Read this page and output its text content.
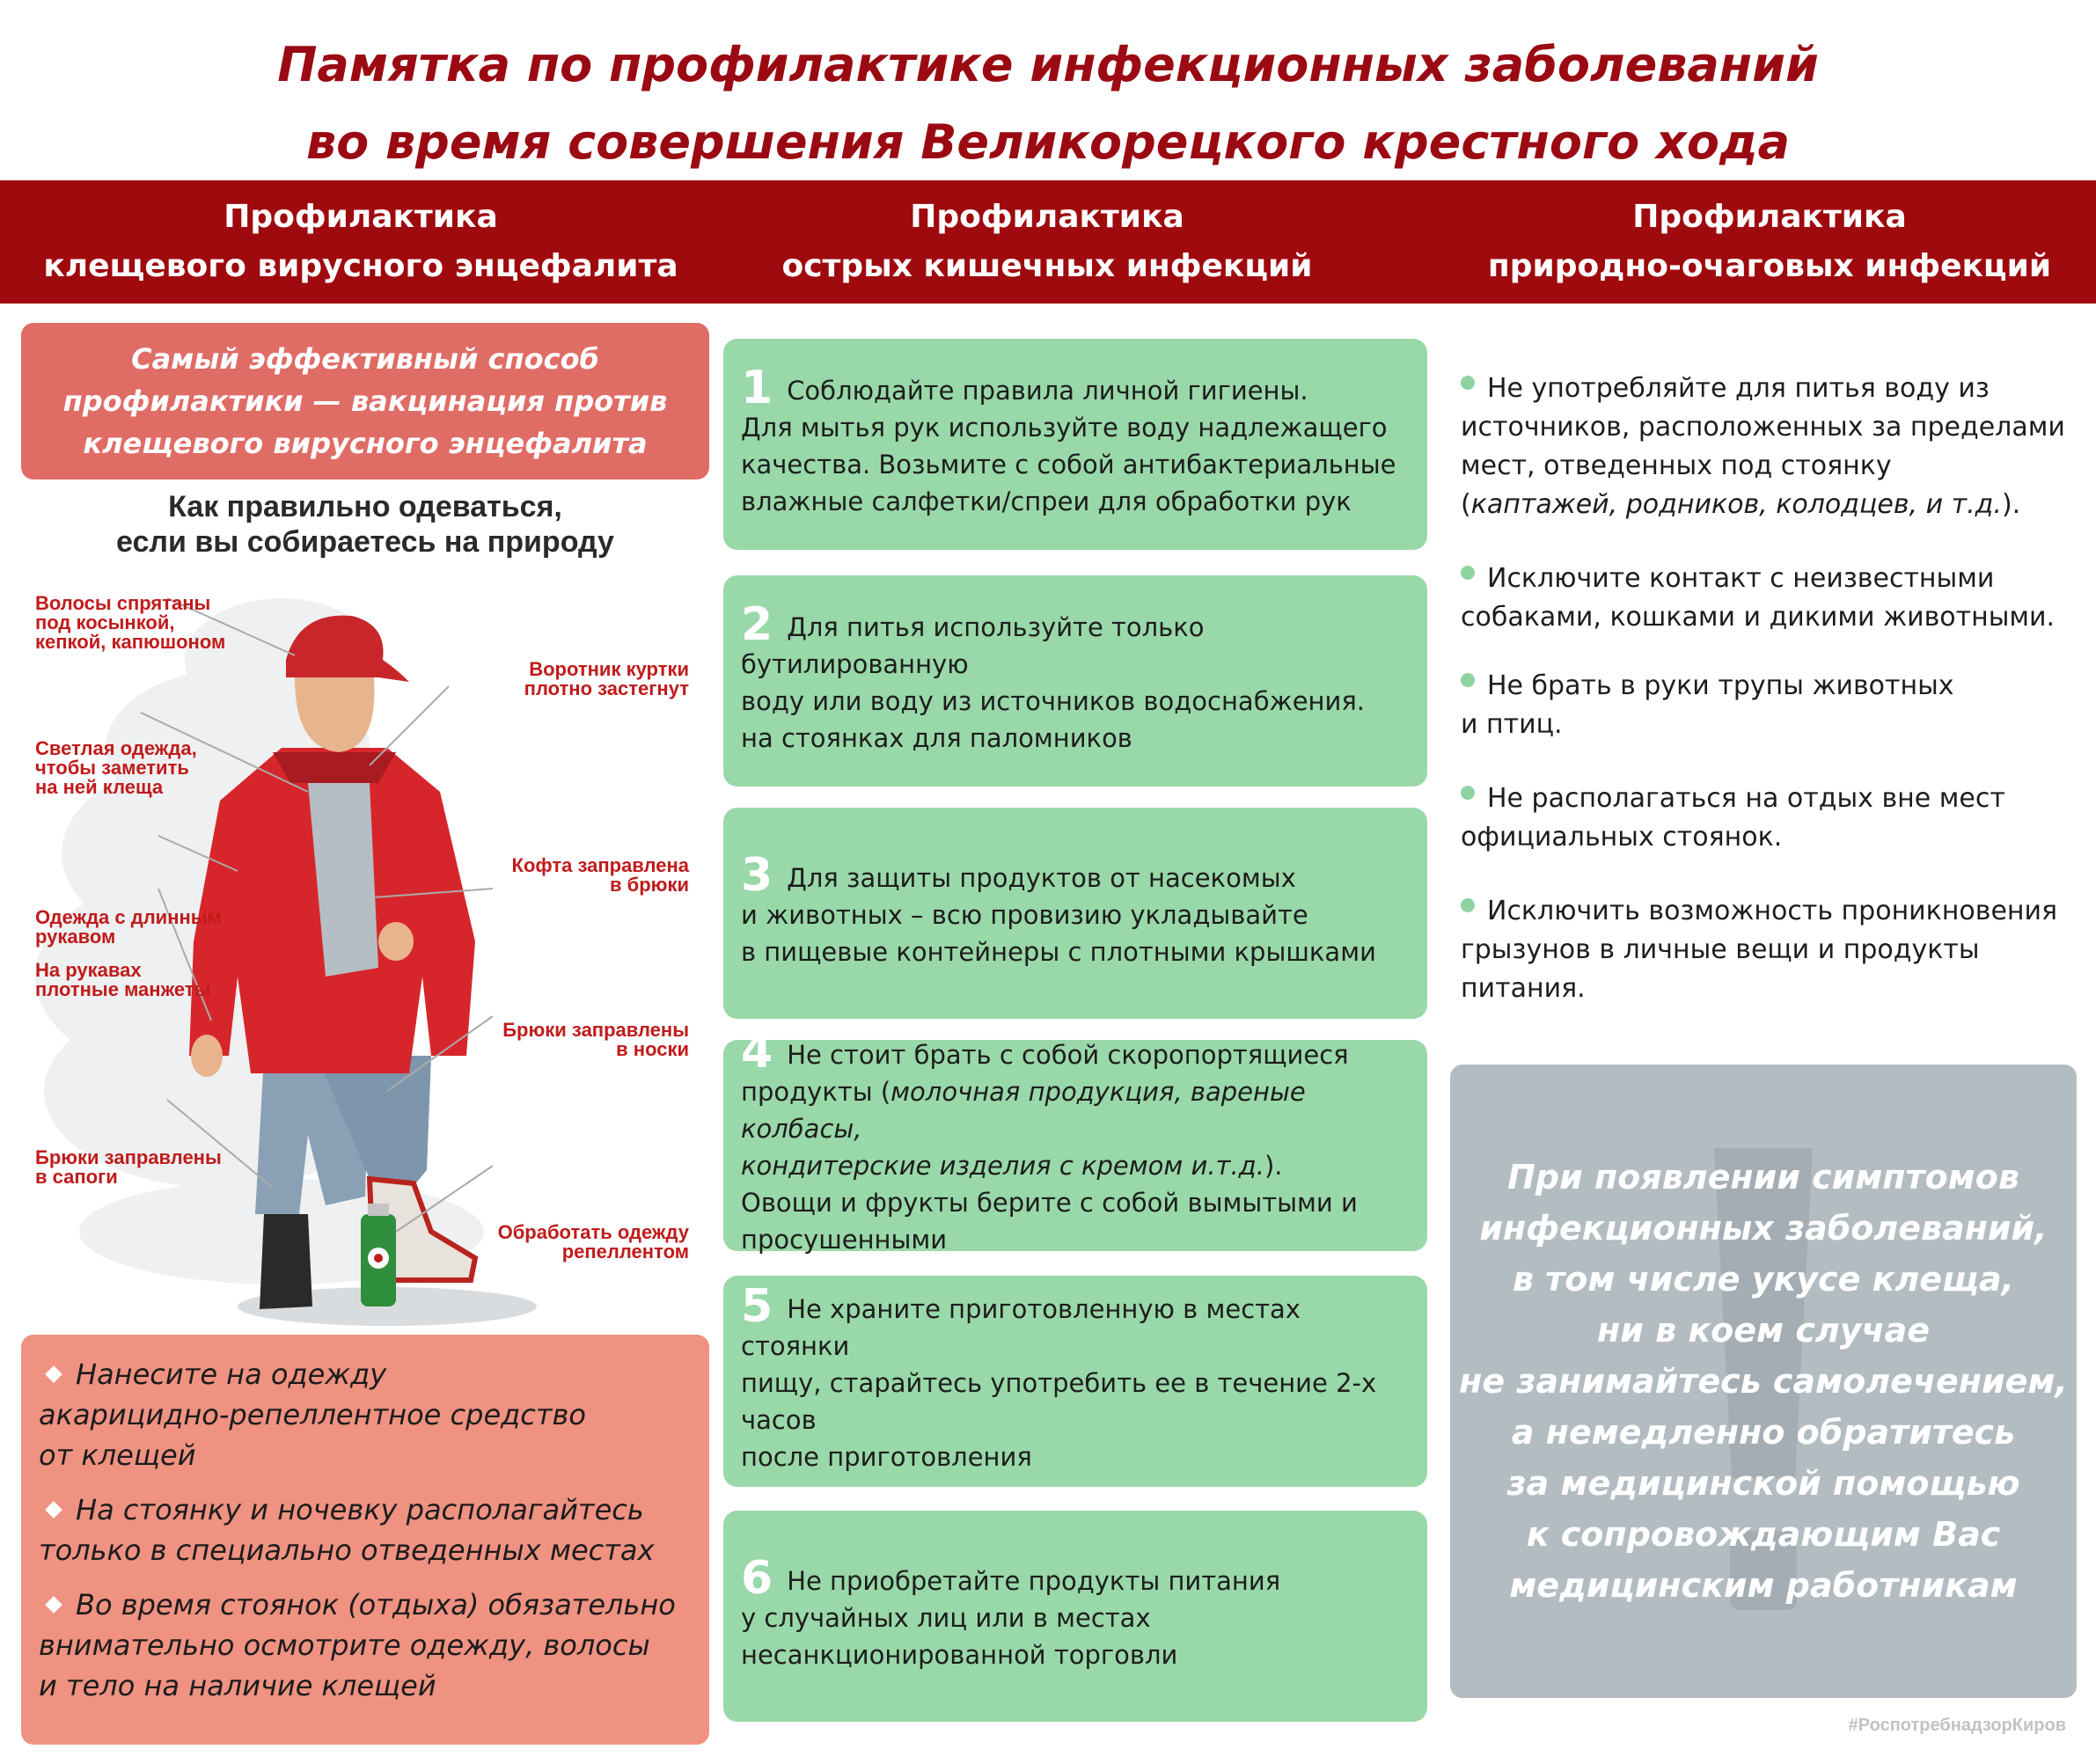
Памятка по профилактике инфекционных заболеваний
во время совершения Великорецкого крестного хода
Профилактика
клещевого вирусного энцефалита
Профилактика
острых кишечных инфекций
Профилактика
природно-очаговых инфекций
Самый эффективный способ
профилактики — вакцинация против
клещевого вирусного энцефалита
Как правильно одеваться,
если вы собираетесь на природу
Волосы спрятаны
под косынкой,
кепкой, капюшоном
Светлая одежда,
чтобы заметить
на ней клеща
Одежда с длинным
рукавом
На рукавах
плотные манжеты
Брюки заправлены
в сапоги
Воротник куртки
плотно застегнут
Кофта заправлена
в брюки
Брюки заправлены
в носки
Обработать одежду
репеллентом
Нанесите на одежду
акарицидно-репеллентное средство
от клещей
На стоянку и ночевку располагайтесь
только в специально отведенных местах
Во время стоянок (отдыха) обязательно
внимательно осмотрите одежду, волосы
и тело на наличие клещей
1 Соблюдайте правила личной гигиены.
Для мытья рук используйте воду надлежащего
качества. Возьмите с собой антибактериальные
влажные салфетки/спреи для обработки рук
2 Для питья используйте только бутилированную
воду или воду из источников водоснабжения.
на стоянках для паломников
3 Для защиты продуктов от насекомых
и животных – всю провизию укладывайте
в пищевые контейнеры с плотными крышками
4 Не стоит брать с собой скоропортящиеся
продукты (молочная продукция, вареные колбасы,
кондитерские изделия с кремом и.т.д.).
Овощи и фрукты берите с собой вымытыми и
просушенными
5 Не храните приготовленную в местах стоянки
пищу, старайтесь употребить ее в течение 2-х часов
после приготовления
6 Не приобретайте продукты питания
у случайных лиц или в местах
несанкционированной торговли
Не употребляйте для питья воду из
источников, расположенных за пределами
мест, отведенных под стоянку
(каптажей, родников, колодцев, и т.д.).
Исключите контакт с неизвестными
собаками, кошками и дикими животными.
Не брать в руки трупы животных
и птиц.
Не располагаться на отдых вне мест
официальных стоянок.
Исключить возможность проникновения
грызунов в личные вещи и продукты питания.
При появлении симптомов
инфекционных заболеваний,
в том числе укусе клеща,
ни в коем случае
не занимайтесь самолечением,
а немедленно обратитесь
за медицинской помощью
к сопровождающим Вас
медицинским работникам
#РоспотребнадзорКиров
